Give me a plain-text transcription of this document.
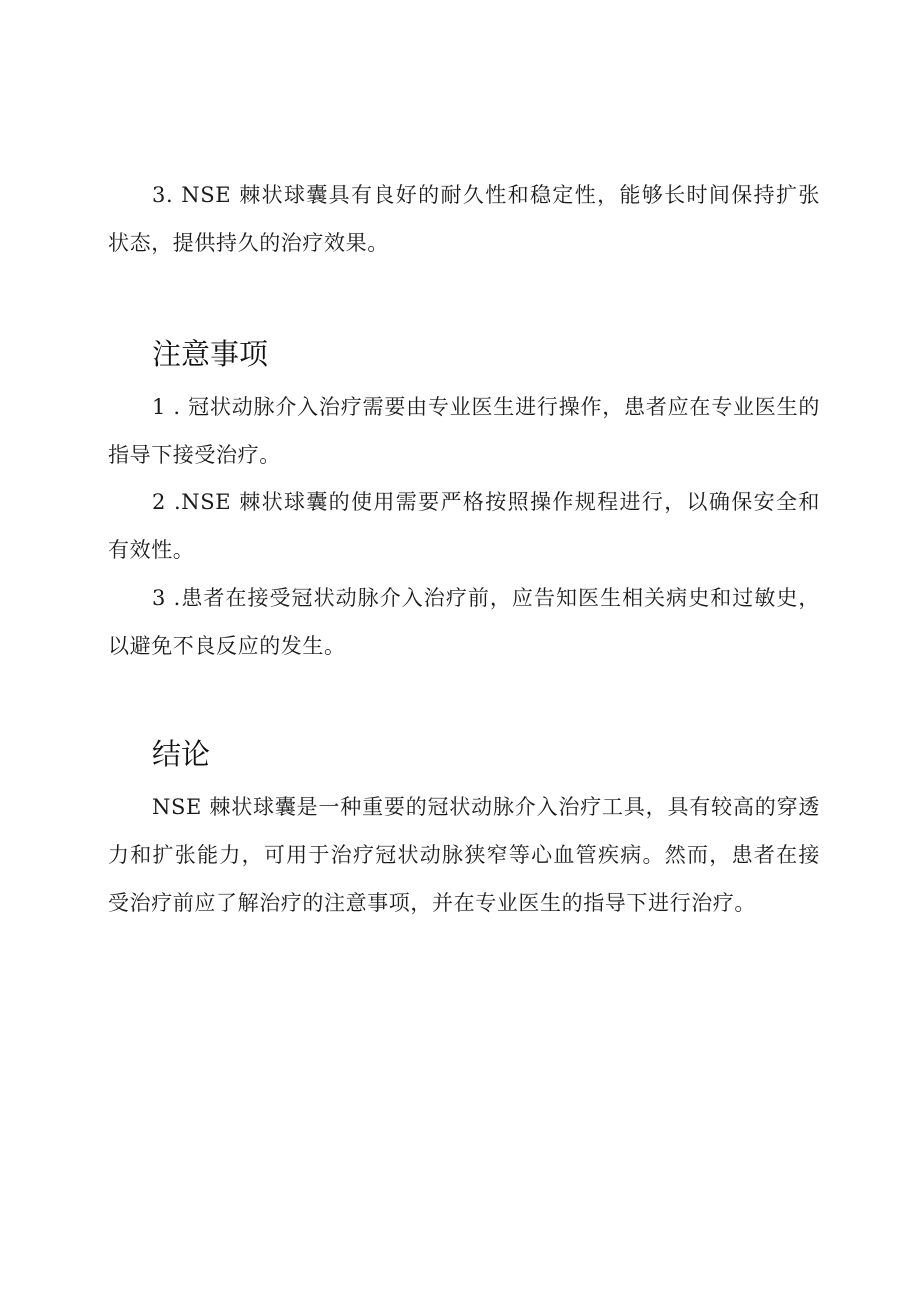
3. NSE 棘状球囊具有良好的耐久性和稳定性，能够长时间保持扩张状态，提供持久的治疗效果。

注意事项

1 . 冠状动脉介入治疗需要由专业医生进行操作，患者应在专业医生的指导下接受治疗。

2 .NSE 棘状球囊的使用需要严格按照操作规程进行，以确保安全和有效性。

3 .患者在接受冠状动脉介入治疗前，应告知医生相关病史和过敏史，以避免不良反应的发生。

结论

NSE 棘状球囊是一种重要的冠状动脉介入治疗工具，具有较高的穿透力和扩张能力，可用于治疗冠状动脉狭窄等心血管疾病。然而，患者在接受治疗前应了解治疗的注意事项，并在专业医生的指导下进行治疗。
